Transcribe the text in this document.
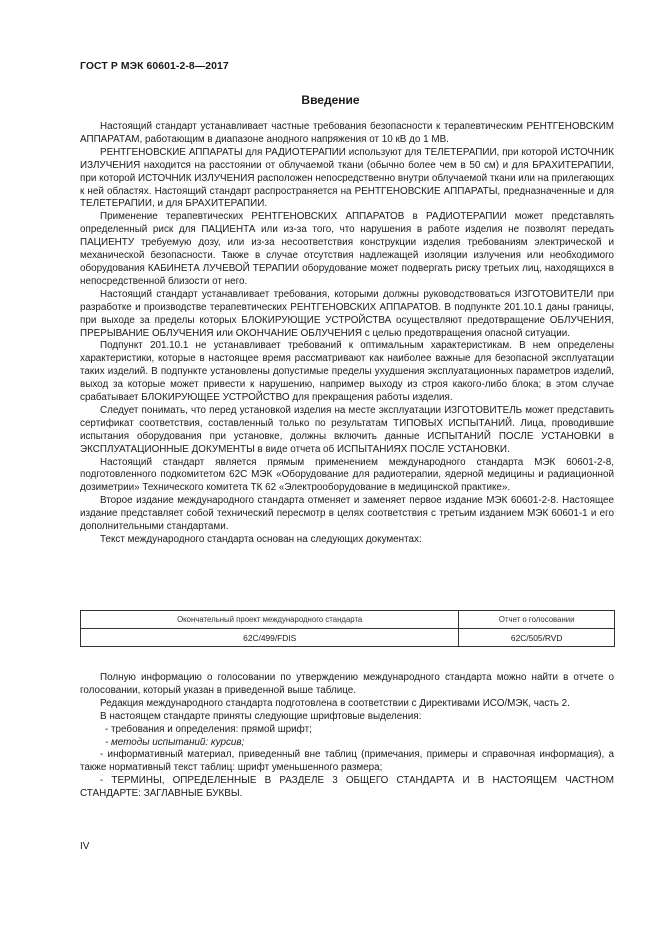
ГОСТ Р МЭК 60601-2-8—2017
Введение

Настоящий стандарт устанавливает частные требования безопасности к терапевтическим РЕНТГЕНОВСКИМ АППАРАТАМ, работающим в диапазоне анодного напряжения от 10 кВ до 1 МВ.

РЕНТГЕНОВСКИЕ АППАРАТЫ для РАДИОТЕРАПИИ используют для ТЕЛЕТЕРАПИИ, при которой ИСТОЧНИК ИЗЛУЧЕНИЯ находится на расстоянии от облучаемой ткани (обычно более чем в 50 см) и для БРАХИТЕРАПИИ, при которой ИСТОЧНИК ИЗЛУЧЕНИЯ расположен непосредственно внутри облучаемой ткани или на прилегающих к ней областях. Настоящий стандарт распространяется на РЕНТГЕНОВСКИЕ АППАРАТЫ, предназначенные и для ТЕЛЕТЕРАПИИ, и для БРАХИТЕРАПИИ.

Применение терапевтических РЕНТГЕНОВСКИХ АППАРАТОВ в РАДИОТЕРАПИИ может представлять определенный риск для ПАЦИЕНТА или из-за того, что нарушения в работе изделия не позволят передать ПАЦИЕНТУ требуемую дозу, или из-за несоответствия конструкции изделия требованиям электрической и механической безопасности. Также в случае отсутствия надлежащей изоляции излучения или необходимого оборудования КАБИНЕТА ЛУЧЕВОЙ ТЕРАПИИ оборудование может подвергать риску третьих лиц, находящихся в непосредственной близости от него.

Настоящий стандарт устанавливает требования, которыми должны руководствоваться ИЗГОТОВИТЕЛИ при разработке и производстве терапевтических РЕНТГЕНОВСКИХ АППАРАТОВ. В подпункте 201.10.1 даны границы, при выходе за пределы которых БЛОКИРУЮЩИЕ УСТРОЙСТВА осуществляют предотвращение ОБЛУЧЕНИЯ, ПРЕРЫВАНИЕ ОБЛУЧЕНИЯ или ОКОНЧАНИЕ ОБЛУЧЕНИЯ с целью предотвращения опасной ситуации.

Подпункт 201.10.1 не устанавливает требований к оптимальным характеристикам. В нем определены характеристики, которые в настоящее время рассматривают как наиболее важные для безопасной эксплуатации таких изделий. В подпункте установлены допустимые пределы ухудшения эксплуатационных параметров изделий, выход за которые может привести к нарушению, например выходу из строя какого-либо блока; в этом случае срабатывает БЛОКИРУЮЩЕЕ УСТРОЙСТВО для прекращения работы изделия.

Следует понимать, что перед установкой изделия на месте эксплуатации ИЗГОТОВИТЕЛЬ может представить сертификат соответствия, составленный только по результатам ТИПОВЫХ ИСПЫТАНИЙ. Лица, проводившие испытания оборудования при установке, должны включить данные ИСПЫТАНИЙ ПОСЛЕ УСТАНОВКИ в ЭКСПЛУАТАЦИОННЫЕ ДОКУМЕНТЫ в виде отчета об ИСПЫТАНИЯХ ПОСЛЕ УСТАНОВКИ.

Настоящий стандарт является прямым применением международного стандарта МЭК 60601-2-8, подготовленного подкомитетом 62С МЭК «Оборудование для радиотерапии, ядерной медицины и радиационной дозиметрии» Технического комитета ТК 62 «Электрооборудование в медицинской практике».

Второе издание международного стандарта отменяет и заменяет первое издание МЭК 60601-2-8. Настоящее издание представляет собой технический пересмотр в целях соответствия с третьим изданием МЭК 60601-1 и его дополнительными стандартами.

Текст международного стандарта основан на следующих документах:

Окончательный проект международного стандарта	Отчет о голосовании
62C/499/FDIS	62C/505/RVD

Полную информацию о голосовании по утверждению международного стандарта можно найти в отчете о голосовании, который указан в приведенной выше таблице.

Редакция международного стандарта подготовлена в соответствии с Директивами ИСО/МЭК, часть 2.

В настоящем стандарте приняты следующие шрифтовые выделения:

- требования и определения: прямой шрифт;

- методы испытаний: курсив;

- информативный материал, приведенный вне таблиц (примечания, примеры и справочная информация), а также нормативный текст таблиц: шрифт уменьшенного размера;

- ТЕРМИНЫ, ОПРЕДЕЛЕННЫЕ В РАЗДЕЛЕ 3 ОБЩЕГО СТАНДАРТА И В НАСТОЯЩЕМ ЧАСТНОМ СТАНДАРТЕ: ЗАГЛАВНЫЕ БУКВЫ.

IV
